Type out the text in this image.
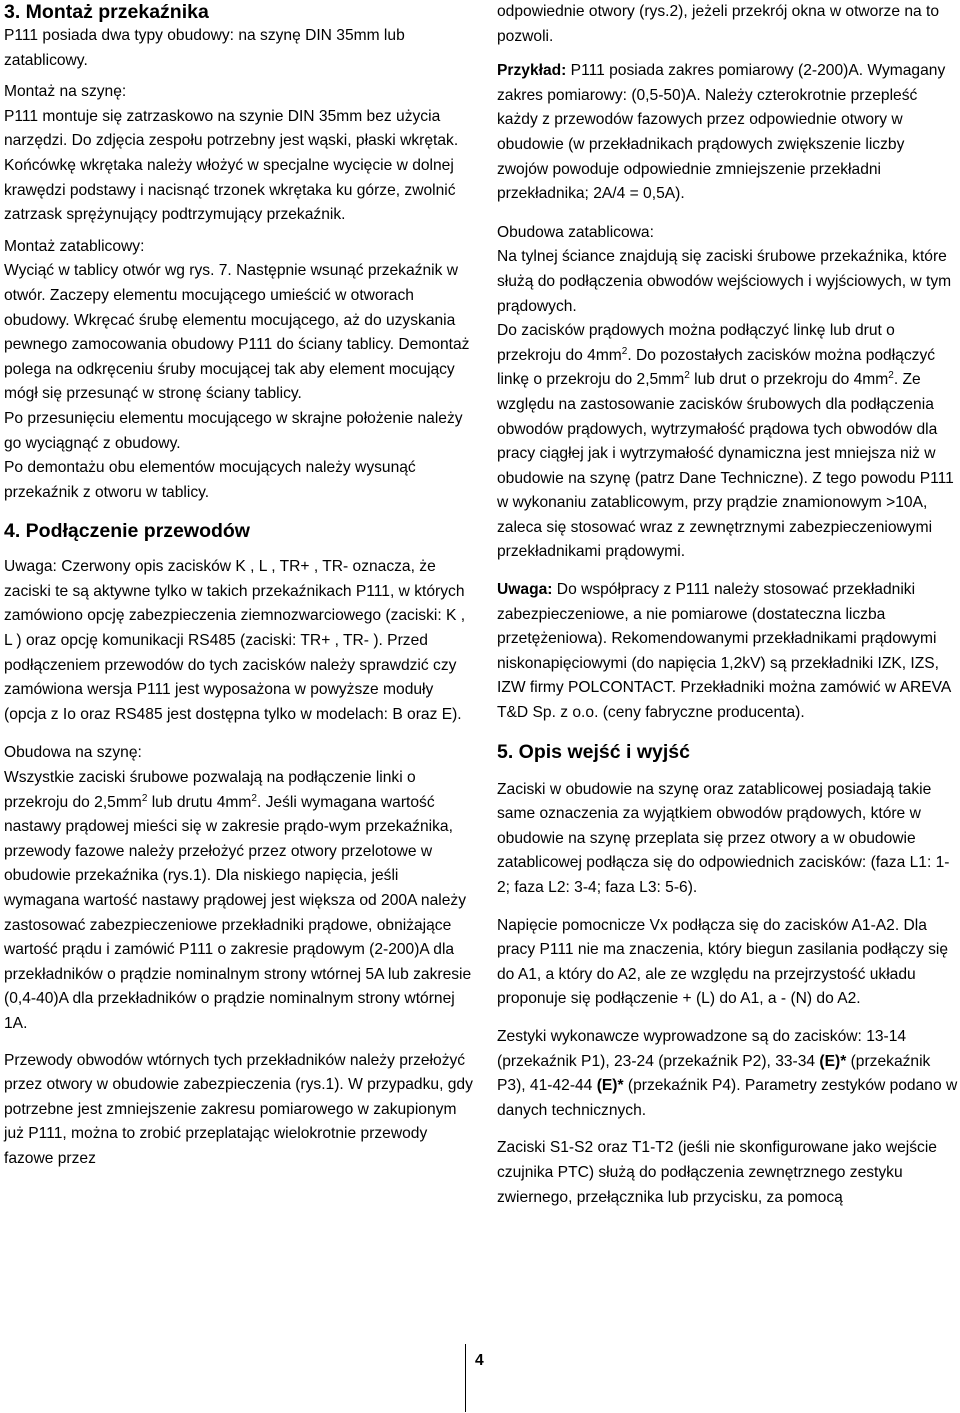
3. Montaż przekaźnika

P111 posiada dwa typy obudowy: na szynę DIN 35mm lub zatablicowy.

Montaż na szynę:

P111 montuje się zatrzaskowo na szynie DIN 35mm bez użycia narzędzi. Do zdjęcia zespołu potrzebny jest wąski, płaski wkrętak. Końcówkę wkrętaka należy włożyć w specjalne wycięcie w dolnej krawędzi podstawy i nacisnąć trzonek wkrętaka ku górze, zwolnić zatrzask sprężynujący podtrzymujący przekaźnik.

Montaż zatablicowy:

Wyciąć w tablicy otwór wg rys. 7. Następnie wsunąć przekaźnik w otwór. Zaczepy elementu mocującego umieścić w otworach obudowy. Wkręcać śrubę elementu mocującego, aż do uzyskania pewnego zamocowania obudowy P111 do ściany tablicy. Demontaż polega na odkręceniu śruby mocującej tak aby element mocujący mógł się przesunąć w stronę ściany tablicy.

Po przesunięciu elementu mocującego w skrajne położenie należy go wyciągnąć z obudowy.

Po demontażu obu elementów mocujących należy wysunąć przekaźnik z otworu w tablicy.

4. Podłączenie przewodów

Uwaga: Czerwony opis zacisków K , L , TR+ , TR- oznacza, że zaciski te są aktywne tylko w takich przekaźnikach P111, w których zamówiono opcję zabezpieczenia ziemnozwarciowego (zaciski: K , L ) oraz opcję komunikacji RS485 (zaciski: TR+ , TR- ). Przed podłączeniem przewodów do tych zacisków należy sprawdzić czy zamówiona wersja P111 jest wyposażona w powyższe moduły (opcja z Io oraz RS485 jest dostępna tylko w modelach: B oraz E).

Obudowa na szynę:

Wszystkie zaciski śrubowe pozwalają na podłączenie linki o przekroju do $2,5mm^2$ lub drutu $4mm^2$. Jeśli wymagana wartość nastawy prądowej mieści się w zakresie prądo-wym przekaźnika, przewody fazowe należy przełożyć przez otwory przelotowe w obudowie przekaźnika (rys.1). Dla niskiego napięcia, jeśli wymagana wartość nastawy prądowej jest większa od 200A należy zastosować zabezpieczeniowe przekładniki prądowe, obniżające wartość prądu i zamówić P111 o zakresie prądowym (2-200)A dla przekładników o prądzie nominalnym strony wtórnej 5A lub zakresie (0,4-40)A dla przekładników o prądzie nominalnym strony wtórnej 1A.

Przewody obwodów wtórnych tych przekładników należy przełożyć przez otwory w obudowie zabezpieczenia (rys.1). W przypadku, gdy potrzebne jest zmniejszenie zakresu pomiarowego w zakupionym już P111, można to zrobić przeplatając wielokrotnie przewody fazowe przez

odpowiednie otwory (rys.2), jeżeli przekrój okna w otworze na to pozwoli.

Przykład: P111 posiada zakres pomiarowy (2-200)A. Wymagany zakres pomiarowy: (0,5-50)A. Należy czterokrotnie przepleść każdy z przewodów fazowych przez odpowiednie otwory w obudowie (w przekładnikach prądowych zwiększenie liczby zwojów powoduje odpowiednie zmniejszenie przekładni przekładnika; 2A/4 = 0,5A).

Obudowa zatablicowa:

Na tylnej ściance znajdują się zaciski śrubowe przekaźnika, które służą do podłączenia obwodów wejściowych i wyjściowych, w tym prądowych.

Do zacisków prądowych można podłączyć linkę lub drut o przekroju do $4mm^2$. Do pozostałych zacisków można podłączyć linkę o przekroju do $2,5mm^2$ lub drut o przekroju do $4mm^2$. Ze względu na zastosowanie zacisków śrubowych dla podłączenia obwodów prądowych, wytrzymałość prądowa tych obwodów dla pracy ciągłej jak i wytrzymałość dynamiczna jest mniejsza niż w obudowie na szynę (patrz Dane Techniczne). Z tego powodu P111 w wykonaniu zatablicowym, przy prądzie znamionowym >10A, zaleca się stosować wraz z zewnętrznymi zabezpieczeniowymi przekładnikami prądowymi.

Uwaga: Do współpracy z P111 należy stosować przekładniki zabezpieczeniowe, a nie pomiarowe (dostateczna liczba przetężeniowa). Rekomendowanymi przekładnikami prądowymi niskonapięciowymi (do napięcia 1,2kV) są przekładniki IZK, IZS, IZW firmy POLCONTACT. Przekładniki można zamówić w AREVA T&D Sp. z o.o. (ceny fabryczne producenta).

5. Opis wejść i wyjść

Zaciski w obudowie na szynę oraz zatablicowej posiadają takie same oznaczenia za wyjątkiem obwodów prądowych, które w obudowie na szynę przeplata się przez otwory a w obudowie zatablicowej podłącza się do odpowiednich zacisków: (faza L1: 1-2; faza L2: 3-4; faza L3: 5-6).

Napięcie pomocnicze Vx podłącza się do zacisków A1-A2. Dla pracy P111 nie ma znaczenia, który biegun zasilania podłączy się do A1, a który do A2, ale ze względu na przejrzystość układu proponuje się podłączenie + (L) do A1, a - (N) do A2.

Zestyki wykonawcze wyprowadzone są do zacisków: 13-14 (przekaźnik P1), 23-24 (przekaźnik P2), 33-34 (E)* (przekaźnik P3), 41-42-44 (E)* (przekaźnik P4). Parametry zestyków podano w danych technicznych.

Zaciski S1-S2 oraz T1-T2 (jeśli nie skonfigurowane jako wejście czujnika PTC) służą do podłączenia zewnętrznego zestyku zwiernego, przełącznika lub przycisku, za pomocą

4
